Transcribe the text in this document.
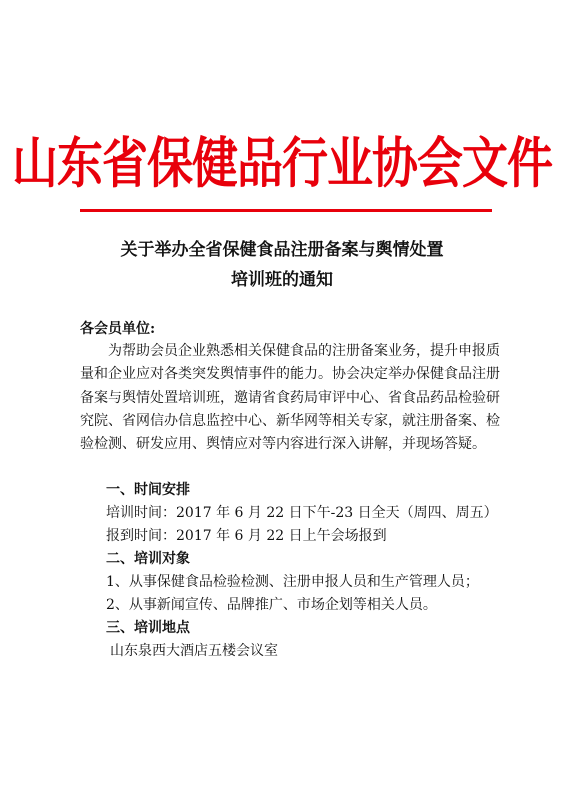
山东省保健品行业协会文件
关于举办全省保健食品注册备案与舆情处置
培训班的通知
各会员单位:

为帮助会员企业熟悉相关保健食品的注册备案业务，提升申报质量和企业应对各类突发舆情事件的能力。协会决定举办保健食品注册备案与舆情处置培训班，邀请省食药局审评中心、省食品药品检验研究院、省网信办信息监控中心、新华网等相关专家，就注册备案、检验检测、研发应用、舆情应对等内容进行深入讲解，并现场答疑。

一、时间安排
培训时间：2017 年 6 月 22 日下午-23 日全天（周四、周五）
报到时间：2017 年 6 月 22 日上午会场报到
二、培训对象
1、从事保健食品检验检测、注册申报人员和生产管理人员；
2、从事新闻宣传、品牌推广、市场企划等相关人员。
三、培训地点
山东泉西大酒店五楼会议室
